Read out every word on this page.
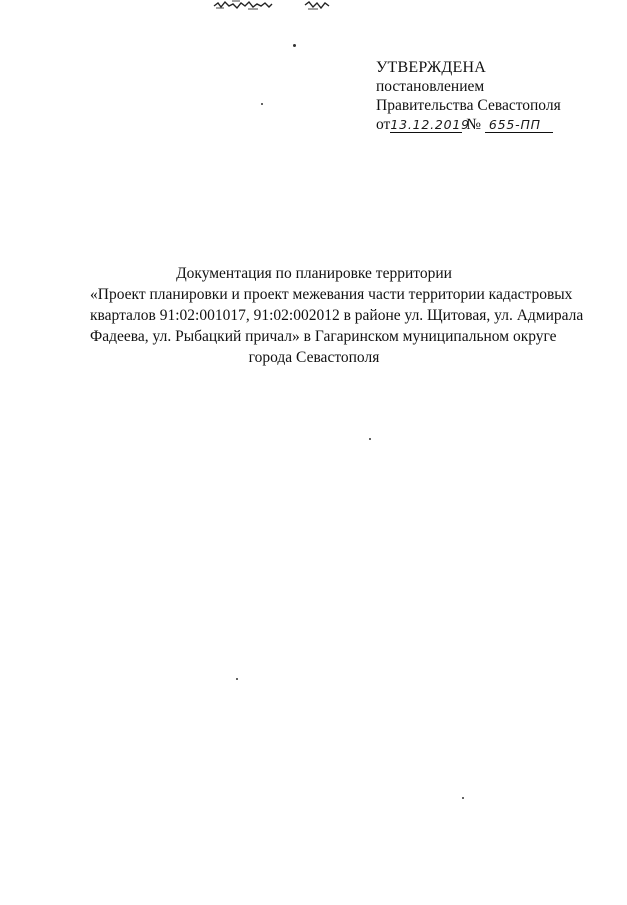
УТВЕРЖДЕНА
постановлением
Правительства Севастополя
от13.12.2019 № 655-ПП
Документация по планировке территории
«Проект планировки и проект межевания части территории кадастровых
кварталов 91:02:001017, 91:02:002012 в районе ул. Щитовая, ул. Адмирала
Фадеева, ул. Рыбацкий причал» в Гагаринском муниципальном округе
города Севастополя
